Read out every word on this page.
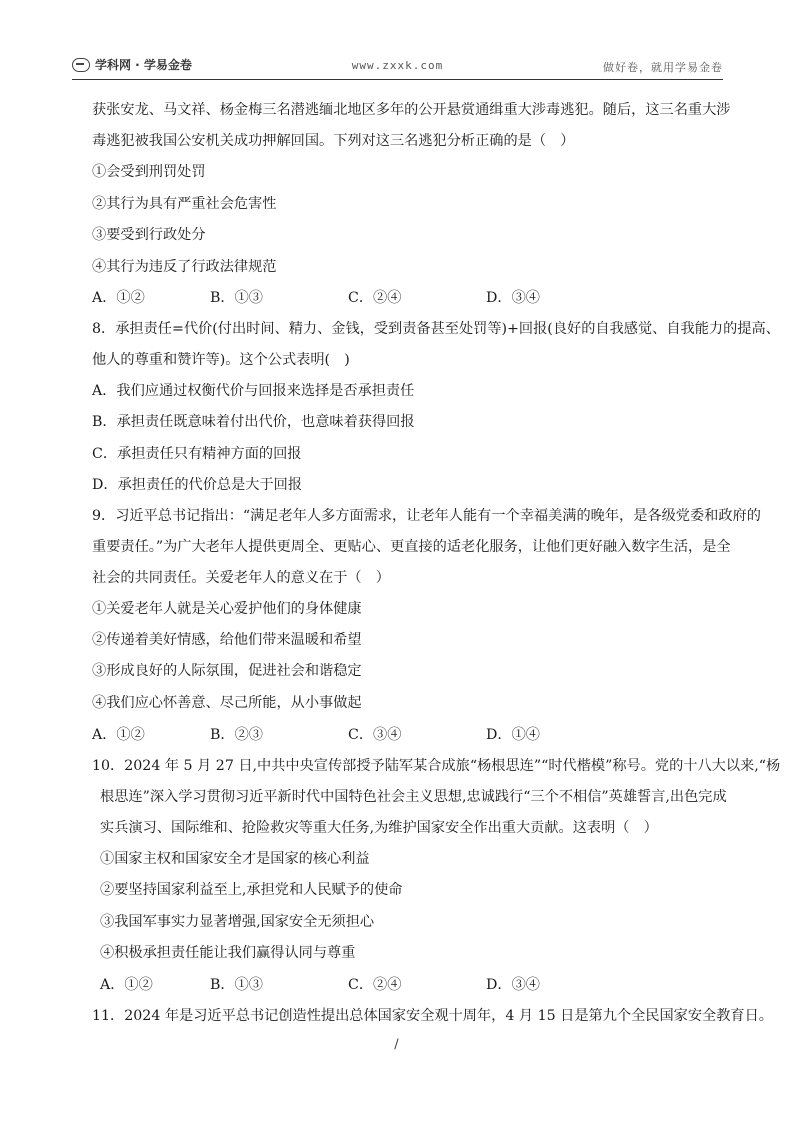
学科网 · 学易金卷	www.zxxk.com	做好卷，就用学易金卷
获张安龙、马文祥、杨金梅三名潜逃缅北地区多年的公开悬赏通缉重大涉毒逃犯。随后，这三名重大涉
毒逃犯被我国公安机关成功押解回国。下列对这三名逃犯分析正确的是（　）
①会受到刑罚处罚
②其行为具有严重社会危害性
③要受到行政处分
④其行为违反了行政法律规范
A．①②	B．①③	C．②④	D．③④
8．承担责任=代价(付出时间、精力、金钱，受到责备甚至处罚等)+回报(良好的自我感觉、自我能力的提高、
他人的尊重和赞许等)。这个公式表明(　)
A．我们应通过权衡代价与回报来选择是否承担责任
B．承担责任既意味着付出代价，也意味着获得回报
C．承担责任只有精神方面的回报
D．承担责任的代价总是大于回报
9．习近平总书记指出：“满足老年人多方面需求，让老年人能有一个幸福美满的晚年，是各级党委和政府的
重要责任。”为广大老年人提供更周全、更贴心、更直接的适老化服务，让他们更好融入数字生活，是全
社会的共同责任。关爱老年人的意义在于（　）
①关爱老年人就是关心爱护他们的身体健康
②传递着美好情感，给他们带来温暖和希望
③形成良好的人际氛围，促进社会和谐稳定
④我们应心怀善意、尽己所能，从小事做起
A．①②	B．②③	C．③④	D．①④
10．2024 年 5 月 27 日,中共中央宣传部授予陆军某合成旅“杨根思连”“时代楷模”称号。党的十八大以来,“杨
根思连”深入学习贯彻习近平新时代中国特色社会主义思想,忠诚践行“三个不相信”英雄誓言,出色完成
实兵演习、国际维和、抢险救灾等重大任务,为维护国家安全作出重大贡献。这表明（　）
①国家主权和国家安全才是国家的核心利益
②要坚持国家利益至上,承担党和人民赋予的使命
③我国军事实力显著增强,国家安全无须担心
④积极承担责任能让我们赢得认同与尊重
A．①②	B．①③	C．②④	D．③④
11．2024 年是习近平总书记创造性提出总体国家安全观十周年，4 月 15 日是第九个全民国家安全教育日。
/
